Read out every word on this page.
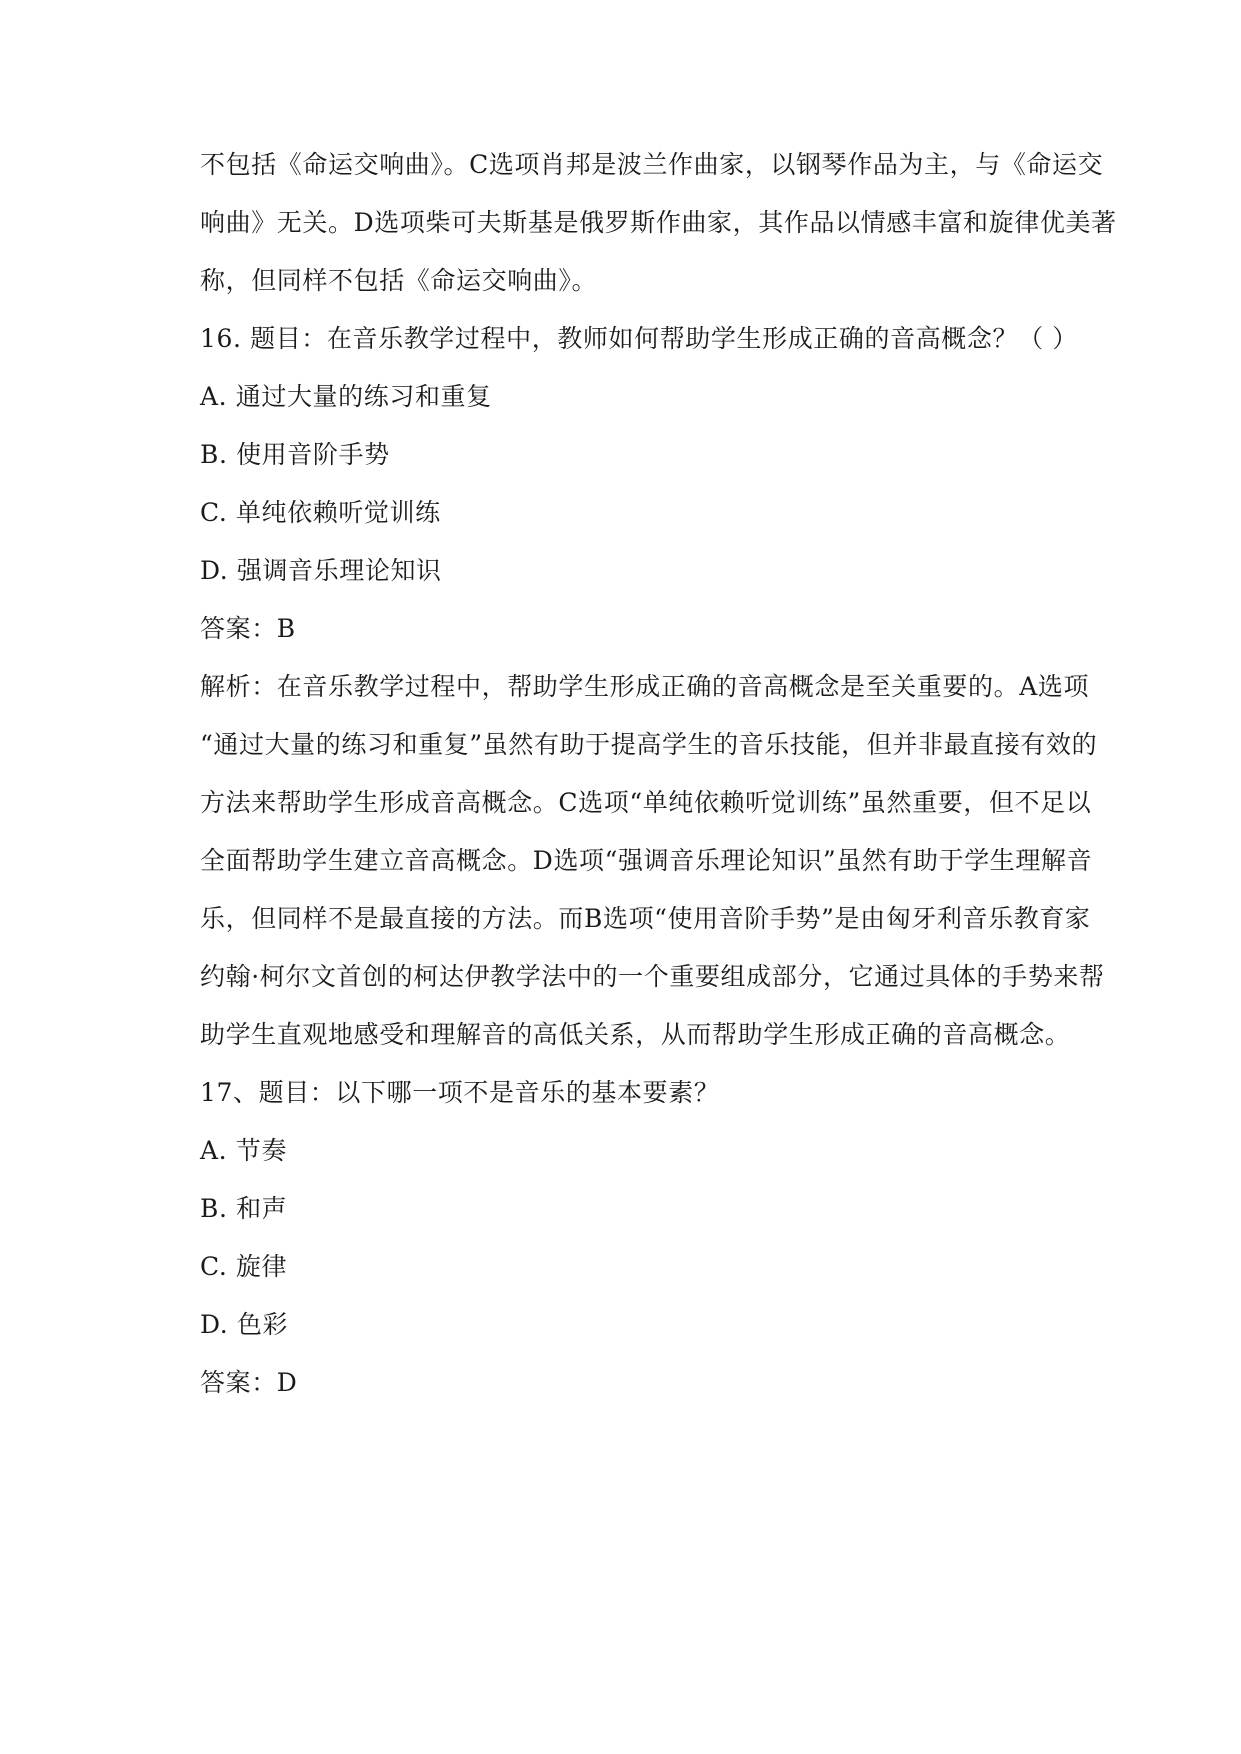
不包括《命运交响曲》。C选项肖邦是波兰作曲家，以钢琴作品为主，与《命运交
响曲》无关。D选项柴可夫斯基是俄罗斯作曲家，其作品以情感丰富和旋律优美著
称，但同样不包括《命运交响曲》。
16. 题目：在音乐教学过程中，教师如何帮助学生形成正确的音高概念？（ ）
A. 通过大量的练习和重复
B. 使用音阶手势
C. 单纯依赖听觉训练
D. 强调音乐理论知识
答案：B
解析：在音乐教学过程中，帮助学生形成正确的音高概念是至关重要的。A选项
“通过大量的练习和重复”虽然有助于提高学生的音乐技能，但并非最直接有效的
方法来帮助学生形成音高概念。C选项“单纯依赖听觉训练”虽然重要，但不足以
全面帮助学生建立音高概念。D选项“强调音乐理论知识”虽然有助于学生理解音
乐，但同样不是最直接的方法。而B选项“使用音阶手势”是由匈牙利音乐教育家
约翰·柯尔文首创的柯达伊教学法中的一个重要组成部分，它通过具体的手势来帮
助学生直观地感受和理解音的高低关系，从而帮助学生形成正确的音高概念。
17、题目：以下哪一项不是音乐的基本要素？
A. 节奏
B. 和声
C. 旋律
D. 色彩
答案：D
